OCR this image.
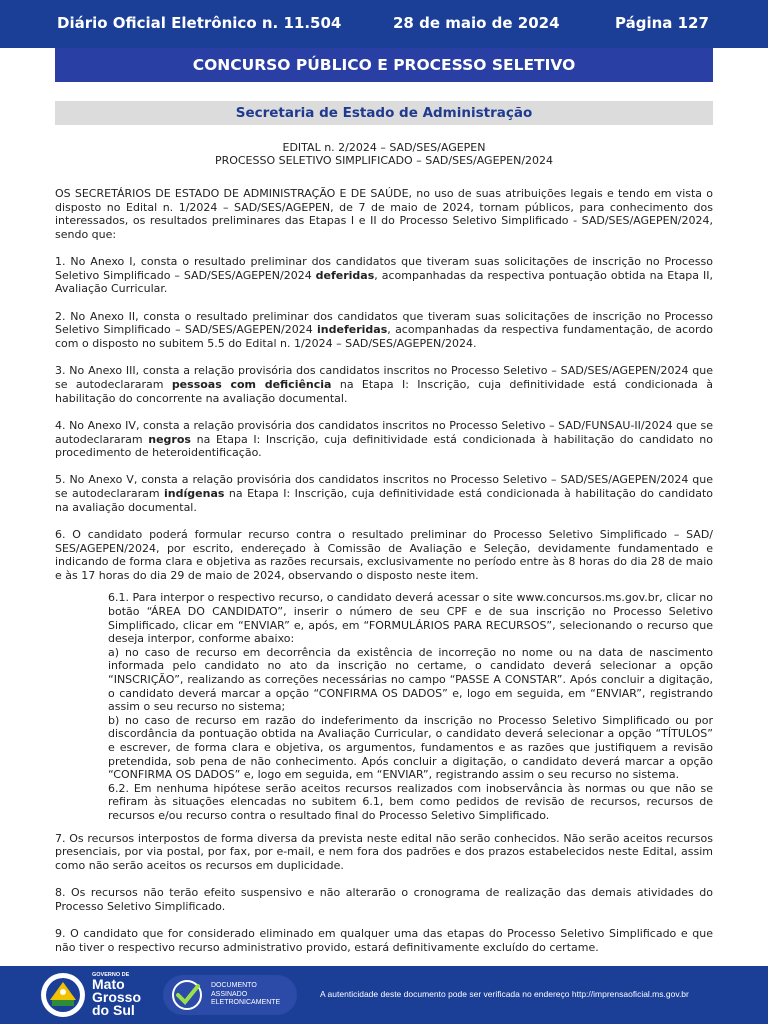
Diário Oficial Eletrônico n. 11.504	28 de maio de 2024	Página 127
CONCURSO PÚBLICO E PROCESSO SELETIVO
Secretaria de Estado de Administração
EDITAL n. 2/2024 – SAD/SES/AGEPEN
PROCESSO SELETIVO SIMPLIFICADO – SAD/SES/AGEPEN/2024

OS SECRETÁRIOS DE ESTADO DE ADMINISTRAÇÃO E DE SAÚDE, no uso de suas atribuições legais e tendo em vista o disposto no Edital n. 1/2024 – SAD/SES/AGEPEN, de 7 de maio de 2024, tornam públicos, para conhecimento dos interessados, os resultados preliminares das Etapas I e II do Processo Seletivo Simplificado - SAD/SES/AGEPEN/2024, sendo que:

1. No Anexo I, consta o resultado preliminar dos candidatos que tiveram suas solicitações de inscrição no Processo Seletivo Simplificado – SAD/SES/AGEPEN/2024 deferidas, acompanhadas da respectiva pontuação obtida na Etapa II, Avaliação Curricular.

2. No Anexo II, consta o resultado preliminar dos candidatos que tiveram suas solicitações de inscrição no Processo Seletivo Simplificado – SAD/SES/AGEPEN/2024 indeferidas, acompanhadas da respectiva fundamentação, de acordo com o disposto no subitem 5.5 do Edital n. 1/2024 – SAD/SES/AGEPEN/2024.

3. No Anexo III, consta a relação provisória dos candidatos inscritos no Processo Seletivo – SAD/SES/AGEPEN/2024 que se autodeclararam pessoas com deficiência na Etapa I: Inscrição, cuja definitividade está condicionada à habilitação do concorrente na avaliação documental.

4. No Anexo IV, consta a relação provisória dos candidatos inscritos no Processo Seletivo – SAD/FUNSAU-II/2024 que se autodeclararam negros na Etapa I: Inscrição, cuja definitividade está condicionada à habilitação do candidato no procedimento de heteroidentificação.

5. No Anexo V, consta a relação provisória dos candidatos inscritos no Processo Seletivo – SAD/SES/AGEPEN/2024 que se autodeclararam indígenas na Etapa I: Inscrição, cuja definitividade está condicionada à habilitação do candidato na avaliação documental.

6. O candidato poderá formular recurso contra o resultado preliminar do Processo Seletivo Simplificado – SAD/ SES/AGEPEN/2024, por escrito, endereçado à Comissão de Avaliação e Seleção, devidamente fundamentado e indicando de forma clara e objetiva as razões recursais, exclusivamente no período entre às 8 horas do dia 28 de maio e às 17 horas do dia 29 de maio de 2024, observando o disposto neste item.

6.1. Para interpor o respectivo recurso, o candidato deverá acessar o site www.concursos.ms.gov.br, clicar no botão “ÁREA DO CANDIDATO”, inserir o número de seu CPF e de sua inscrição no Processo Seletivo Simplificado, clicar em “ENVIAR” e, após, em “FORMULÁRIOS PARA RECURSOS”, selecionando o recurso que deseja interpor, conforme abaixo:

a) no caso de recurso em decorrência da existência de incorreção no nome ou na data de nascimento informada pelo candidato no ato da inscrição no certame, o candidato deverá selecionar a opção “INSCRIÇÃO”, realizando as correções necessárias no campo “PASSE A CONSTAR”. Após concluir a digitação, o candidato deverá marcar a opção “CONFIRMA OS DADOS” e, logo em seguida, em “ENVIAR”, registrando assim o seu recurso no sistema;

b) no caso de recurso em razão do indeferimento da inscrição no Processo Seletivo Simplificado ou por discordância da pontuação obtida na Avaliação Curricular, o candidato deverá selecionar a opção “TÍTULOS” e escrever, de forma clara e objetiva, os argumentos, fundamentos e as razões que justifiquem a revisão pretendida, sob pena de não conhecimento. Após concluir a digitação, o candidato deverá marcar a opção “CONFIRMA OS DADOS” e, logo em seguida, em “ENVIAR”, registrando assim o seu recurso no sistema.

6.2. Em nenhuma hipótese serão aceitos recursos realizados com inobservância às normas ou que não se refiram às situações elencadas no subitem 6.1, bem como pedidos de revisão de recursos, recursos de recursos e/ou recurso contra o resultado final do Processo Seletivo Simplificado.

7. Os recursos interpostos de forma diversa da prevista neste edital não serão conhecidos. Não serão aceitos recursos presenciais, por via postal, por fax, por e-mail, e nem fora dos padrões e dos prazos estabelecidos neste Edital, assim como não serão aceitos os recursos em duplicidade.

8. Os recursos não terão efeito suspensivo e não alterarão o cronograma de realização das demais atividades do Processo Seletivo Simplificado.

9. O candidato que for considerado eliminado em qualquer uma das etapas do Processo Seletivo Simplificado e que não tiver o respectivo recurso administrativo provido, estará definitivamente excluído do certame.

GOVERNO DE
Mato
Grosso
do Sul
DOCUMENTO
ASSINADO
ELETRONICAMENTE
A autenticidade deste documento pode ser verificada no endereço http://imprensaoficial.ms.gov.br
